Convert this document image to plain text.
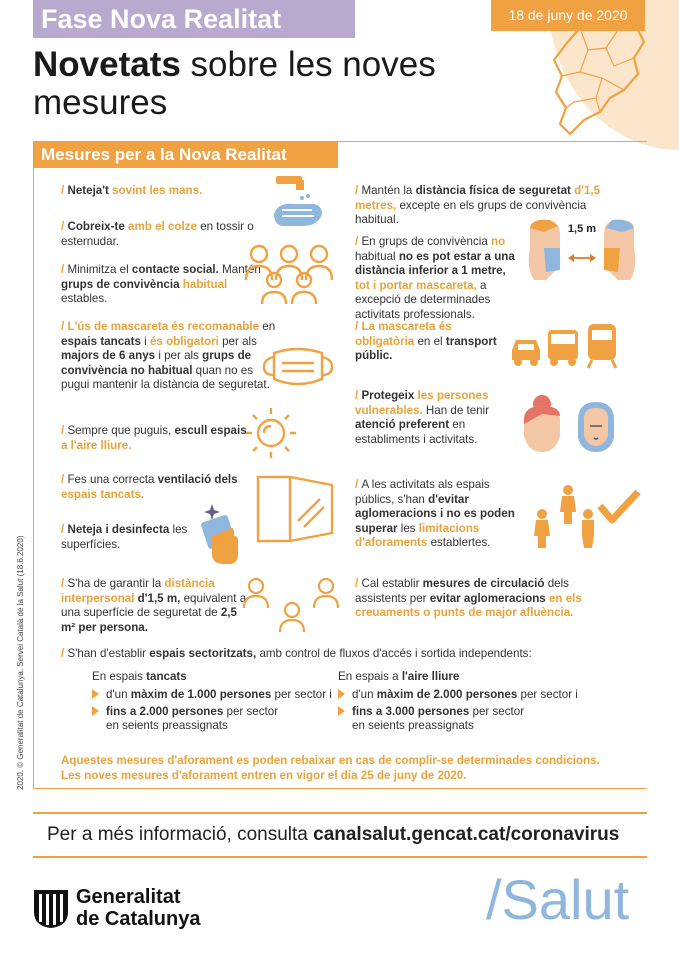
Fase Nova Realitat	18 de juny de 2020
Novetats sobre les noves mesures
Mesures per a la Nova Realitat
/ Neteja't sovint les mans.
/ Cobreix-te amb el colze en tossir o esternudar.
/ Minimitza el contacte social. Mantén grups de convivència habitual estables.
/ L'ús de mascareta és recomanable en espais tancats i és obligatori per als majors de 6 anys i per als grups de convivència no habitual quan no es pugui mantenir la distància de seguretat.
/ Sempre que puguis, escull espais a l'aire lliure.
/ Fes una correcta ventilació dels espais tancats.
/ Neteja i desinfecta les superfícies.
/ S'ha de garantir la distància interpersonal d'1,5 m, equivalent a una superfície de seguretat de 2,5 m² per persona.
/ Mantén la distància física de seguretat d'1,5 metres, excepte en els grups de convivència habitual.
/ En grups de convivència no habitual no es pot estar a una distància inferior a 1 metre, tot i portar mascareta, a excepció de determinades activitats professionals.
/ La mascareta és obligatòria en el transport públic.
/ Protegeix les persones vulnerables. Han de tenir atenció preferent en establiments i activitats.
/ A les activitats als espais públics, s'han d'evitar aglomeracions i no es poden superar les limitacions d'aforaments establertes.
/ Cal establir mesures de circulació dels assistents per evitar aglomeracions en els creuaments o punts de major afluència.
1,5 m
/ S'han d'establir espais sectoritzats, amb control de fluxos d'accés i sortida independents:
En espais tancats
d'un màxim de 1.000 persones per sector i
fins a 2.000 persones per sector
en seients preassignats
En espais a l'aire lliure
d'un màxim de 2.000 persones per sector i
fins a 3.000 persones per sector
en seients preassignats
Aquestes mesures d'aforament es poden rebaixar en cas de complir-se determinades condicions.
Les noves mesures d'aforament entren en vigor el dia 25 de juny de 2020.
Per a més informació, consulta canalsalut.gencat.cat/coronavirus
Generalitat
de Catalunya	/Salut
2020. © Generalitat de Catalunya. Servei Català de la Salut (18.6.2020)
